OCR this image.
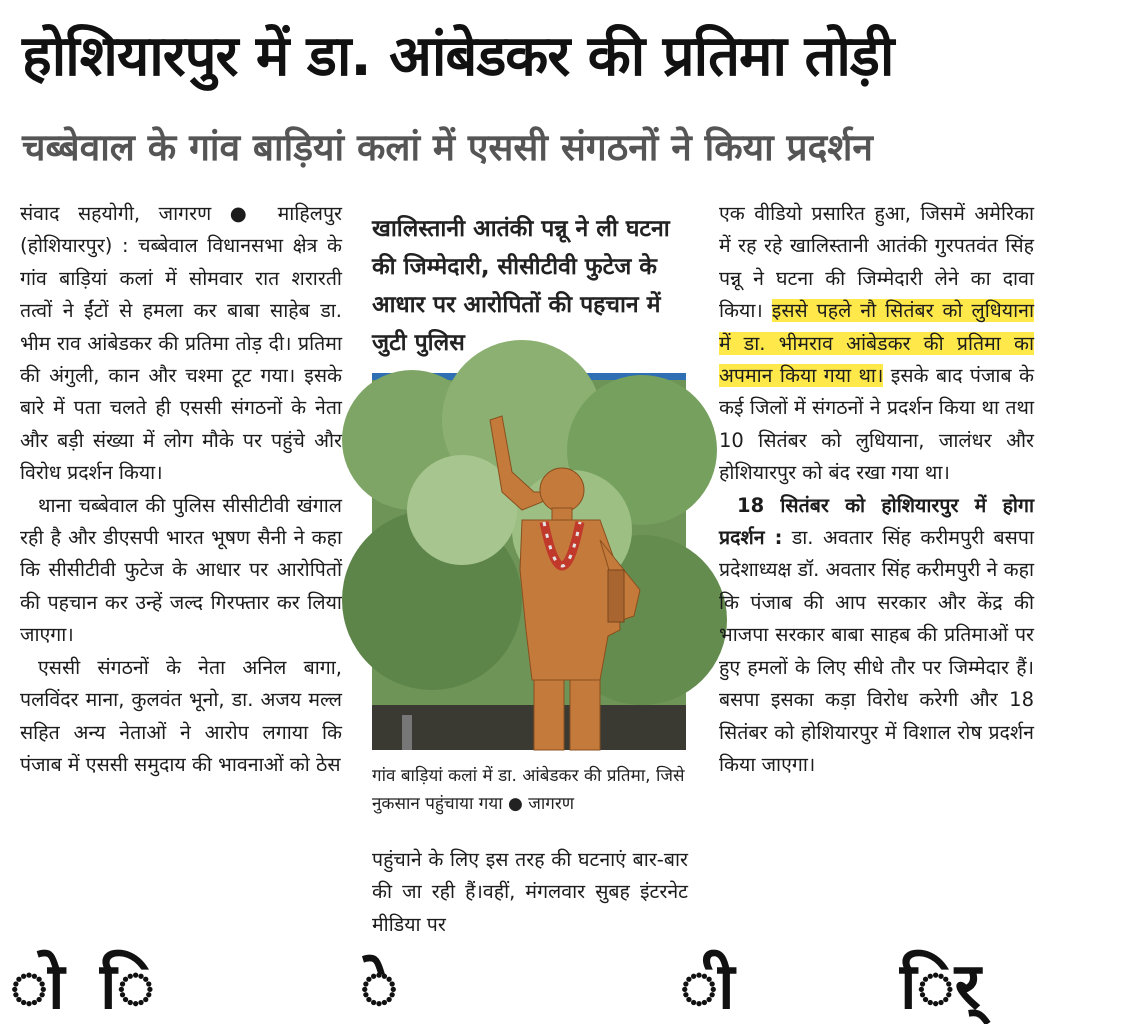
होशियारपुर में डा. आंबेडकर की प्रतिमा तोड़ी
चब्बेवाल के गांव बाड़ियां कलां में एससी संगठनों ने किया प्रदर्शन

संवाद सहयोगी, जागरण ● माहिलपुर (होशियारपुर) : चब्बेवाल विधानसभा क्षेत्र के गांव बाड़ियां कलां में सोमवार रात शरारती तत्वों ने ईंटों से हमला कर बाबा साहेब डा. भीम राव आंबेडकर की प्रतिमा तोड़ दी। प्रतिमा की अंगुली, कान और चश्मा टूट गया। इसके बारे में पता चलते ही एससी संगठनों के नेता और बड़ी संख्या में लोग मौके पर पहुंचे और विरोध प्रदर्शन किया।

थाना चब्बेवाल की पुलिस सीसीटीवी खंगाल रही है और डीएसपी भारत भूषण सैनी ने कहा कि सीसीटीवी फुटेज के आधार पर आरोपितों की पहचान कर उन्हें जल्द गिरफ्तार कर लिया जाएगा।

एससी संगठनों के नेता अनिल बागा, पलविंदर माना, कुलवंत भूनो, डा. अजय मल्ल सहित अन्य नेताओं ने आरोप लगाया कि पंजाब में एससी समुदाय की भावनाओं को ठेस

खालिस्तानी आतंकी पन्नू ने ली घटना की जिम्मेदारी, सीसीटीवी फुटेज के आधार पर आरोपितों की पहचान में जुटी पुलिस
गांव बाड़ियां कलां में डा. आंबेडकर की प्रतिमा, जिसे नुकसान पहुंचाया गया ● जागरण
पहुंचाने के लिए इस तरह की घटनाएं बार-बार की जा रही हैं।वहीं, मंगलवार सुबह इंटरनेट मीडिया पर

एक वीडियो प्रसारित हुआ, जिसमें अमेरिका में रह रहे खालिस्तानी आतंकी गुरपतवंत सिंह पन्नू ने घटना की जिम्मेदारी लेने का दावा किया। इससे पहले नौ सितंबर को लुधियाना में डा. भीमराव आंबेडकर की प्रतिमा का अपमान किया गया था। इसके बाद पंजाब के कई जिलों में संगठनों ने प्रदर्शन किया था तथा 10 सितंबर को लुधियाना, जालंधर और होशियारपुर को बंद रखा गया था।

18 सितंबर को होशियारपुर में होगा प्रदर्शन : डा. अवतार सिंह करीमपुरी बसपा प्रदेशाध्यक्ष डॉ. अवतार सिंह करीमपुरी ने कहा कि पंजाब की आप सरकार और केंद्र की भाजपा सरकार बाबा साहब की प्रतिमाओं पर हुए हमलों के लिए सीधे तौर पर जिम्मेदार हैं। बसपा इसका कड़ा विरोध करेगी और 18 सितंबर को होशियारपुर में विशाल रोष प्रदर्शन किया जाएगा।

ो ि	े	ी	र्ि
